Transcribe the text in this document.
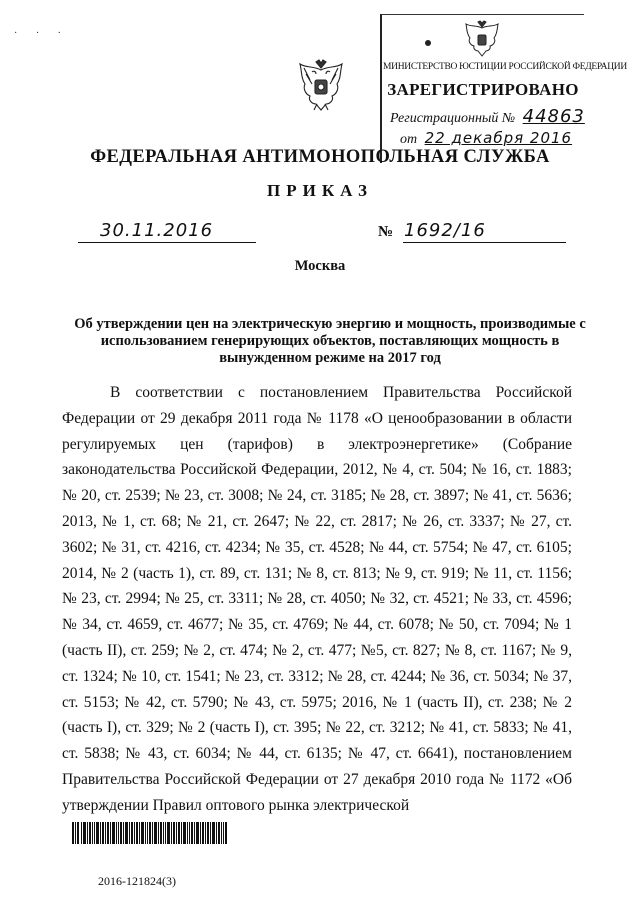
· · ·
МИНИСТЕРСТВО ЮСТИЦИИ РОССИЙСКОЙ ФЕДЕРАЦИИ
ЗАРЕГИСТРИРОВАНО
Регистрационный № 44863
от 22 декабря 2016
ФЕДЕРАЛЬНАЯ АНТИМОНОПОЛЬНАЯ СЛУЖБА
ПРИКАЗ
30.11.2016	№ 1692/16
Москва
Об утверждении цен на электрическую энергию и мощность, производимые с использованием генерирующих объектов, поставляющих мощность в вынужденном режиме на 2017 год
В соответствии с постановлением Правительства Российской Федерации от 29 декабря 2011 года № 1178 «О ценообразовании в области регулируемых цен (тарифов) в электроэнергетике» (Собрание законодательства Российской Федерации, 2012, № 4, ст. 504; № 16, ст. 1883; № 20, ст. 2539; № 23, ст. 3008; № 24, ст. 3185; № 28, ст. 3897; № 41, ст. 5636; 2013, № 1, ст. 68; № 21, ст. 2647; № 22, ст. 2817; № 26, ст. 3337; № 27, ст. 3602; № 31, ст. 4216, ст. 4234; № 35, ст. 4528; № 44, ст. 5754; № 47, ст. 6105; 2014, № 2 (часть 1), ст. 89, ст. 131; № 8, ст. 813; № 9, ст. 919; № 11, ст. 1156; № 23, ст. 2994; № 25, ст. 3311; № 28, ст. 4050; № 32, ст. 4521; № 33, ст. 4596; № 34, ст. 4659, ст. 4677; № 35, ст. 4769; № 44, ст. 6078; № 50, ст. 7094; № 1 (часть II), ст. 259; № 2, ст. 474; № 2, ст. 477; №5, ст. 827; № 8, ст. 1167; № 9, ст. 1324; № 10, ст. 1541; № 23, ст. 3312; № 28, ст. 4244; № 36, ст. 5034; № 37, ст. 5153; № 42, ст. 5790; № 43, ст. 5975; 2016, № 1 (часть II), ст. 238; № 2 (часть I), ст. 329; № 2 (часть I), ст. 395; № 22, ст. 3212; № 41, ст. 5833; № 41, ст. 5838; № 43, ст. 6034; № 44, ст. 6135; № 47, ст. 6641), постановлением Правительства Российской Федерации от 27 декабря 2010 года № 1172 «Об утверждении Правил оптового рынка электрической
2016-121824(3)
